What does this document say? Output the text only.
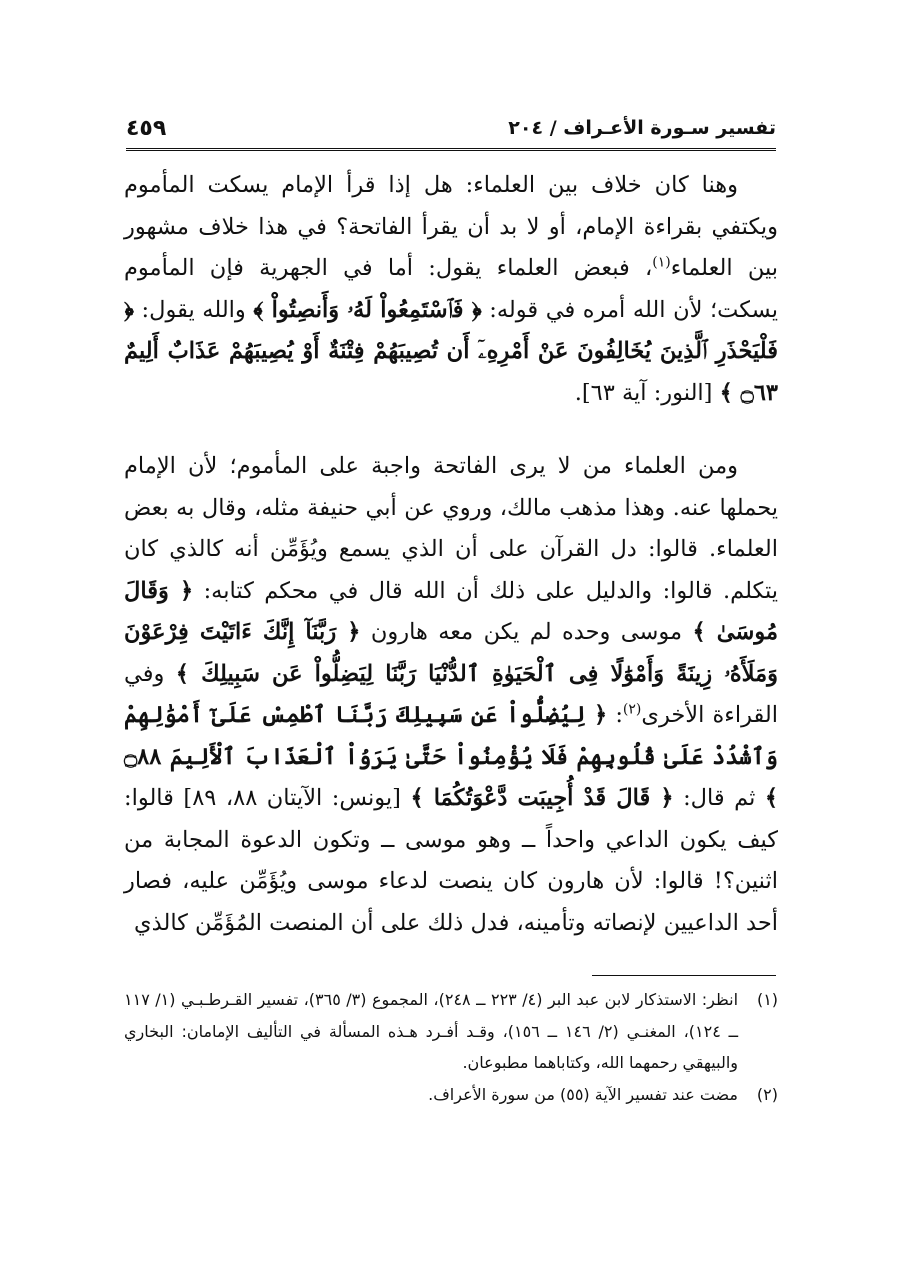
تفسير سـورة الأعـراف / ٢٠٤
٤٥٩

وهنا كان خلاف بين العلماء: هل إذا قرأ الإمام يسكت المأموم ويكتفي بقراءة الإمام، أو لا بد أن يقرأ الفاتحة؟ في هذا خلاف مشهور بين العلماء$^{(١)}$، فبعض العلماء يقول: أما في الجهرية فإن المأموم يسكت؛ لأن الله أمره في قوله: ﴿ فَٱسْتَمِعُواْ لَهُۥ وَأَنصِتُواْ ﴾ والله يقول: ﴿ فَلْيَحْذَرِ ٱلَّذِينَ يُخَالِفُونَ عَنْ أَمْرِهِۦٓ أَن تُصِيبَهُمْ فِتْنَةٌ أَوْ يُصِيبَهُمْ عَذَابٌ أَلِيمٌ ۝٦٣ ﴾ [النور: آية ٦٣].

ومن العلماء من لا يرى الفاتحة واجبة على المأموم؛ لأن الإمام يحملها عنه. وهذا مذهب مالك، وروي عن أبي حنيفة مثله، وقال به بعض العلماء. قالوا: دل القرآن على أن الذي يسمع ويُؤَمِّن أنه كالذي كان يتكلم. قالوا: والدليل على ذلك أن الله قال في محكم كتابه: ﴿ وَقَالَ مُوسَىٰ ﴾ موسى وحده لم يكن معه هارون ﴿ رَبَّنَآ إِنَّكَ ءَاتَيْتَ فِرْعَوْنَ وَمَلَأَهُۥ زِينَةً وَأَمْوَٰلًا فِى ٱلْحَيَوٰةِ ٱلدُّنْيَا رَبَّنَا لِيَضِلُّواْ عَن سَبِيلِكَ ﴾ وفي القراءة الأخرى$^{(٢)}$: ﴿ لِيُضِلُّواْ عَن سَبِيلِكَ رَبَّنَا ٱطْمِسْ عَلَىٰٓ أَمْوَٰلِهِمْ وَٱشْدُدْ عَلَىٰ قُلُوبِهِمْ فَلَا يُؤْمِنُواْ حَتَّىٰ يَرَوُاْ ٱلْعَذَابَ ٱلْأَلِيمَ ۝٨٨ ﴾ ثم قال: ﴿ قَالَ قَدْ أُجِيبَت دَّعْوَتُكُمَا ﴾ [يونس: الآيتان ٨٨، ٨٩] قالوا: كيف يكون الداعي واحداً ــ وهو موسى ــ وتكون الدعوة المجابة من اثنين؟! قالوا: لأن هارون كان ينصت لدعاء موسى ويُؤَمِّن عليه، فصار أحد الداعيين لإنصاته وتأمينه، فدل ذلك على أن المنصت المُؤَمِّن كالذي

(١)انظر: الاستذكار لابن عبد البر (٤/ ٢٢٣ ــ ٢٤٨)، المجموع (٣/ ٣٦٥)، تفسير القـرطـبـي (١/ ١١٧ ــ ١٢٤)، المغنـي (٢/ ١٤٦ ــ ١٥٦)، وقـد أفـرد هـذه المسألة في التأليف الإمامان: البخاري والبيهقي رحمهما الله، وكتاباهما مطبوعان.

(٢)مضت عند تفسير الآية (٥٥) من سورة الأعراف.
